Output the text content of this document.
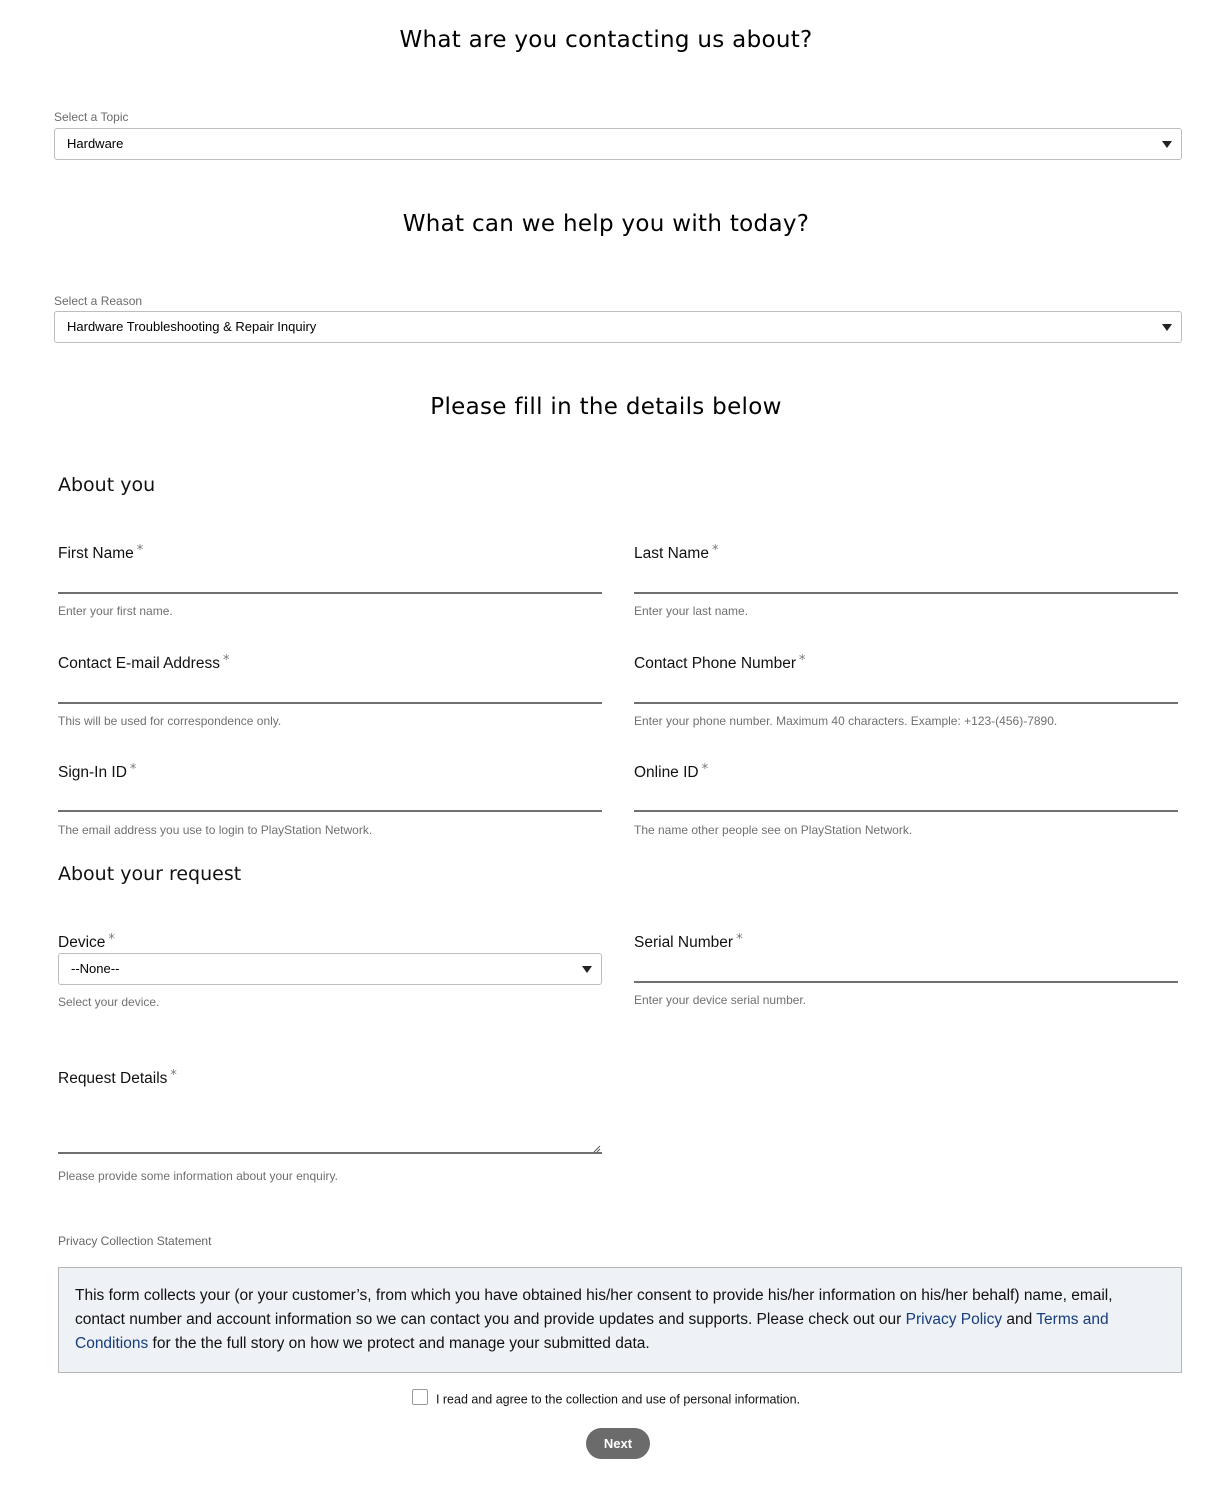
What are you contacting us about?
Select a Topic
Hardware
What can we help you with today?
Select a Reason
Hardware Troubleshooting & Repair Inquiry
Please fill in the details below
About you
First Name *
Enter your first name.
Last Name *
Enter your last name.
Contact E-mail Address *
This will be used for correspondence only.
Contact Phone Number *
Enter your phone number. Maximum 40 characters. Example: +123-(456)-7890.
Sign-In ID *
The email address you use to login to PlayStation Network.
Online ID *
The name other people see on PlayStation Network.
About your request
Device *
--None--
Select your device.
Serial Number *
Enter your device serial number.
Request Details *
Please provide some information about your enquiry.
Privacy Collection Statement
This form collects your (or your customer’s, from which you have obtained his/her consent to provide his/her information on his/her behalf) name, email, contact number and account information so we can contact you and provide updates and supports. Please check out our Privacy Policy and Terms and Conditions for the the full story on how we protect and manage your submitted data.
I read and agree to the collection and use of personal information.
Next
